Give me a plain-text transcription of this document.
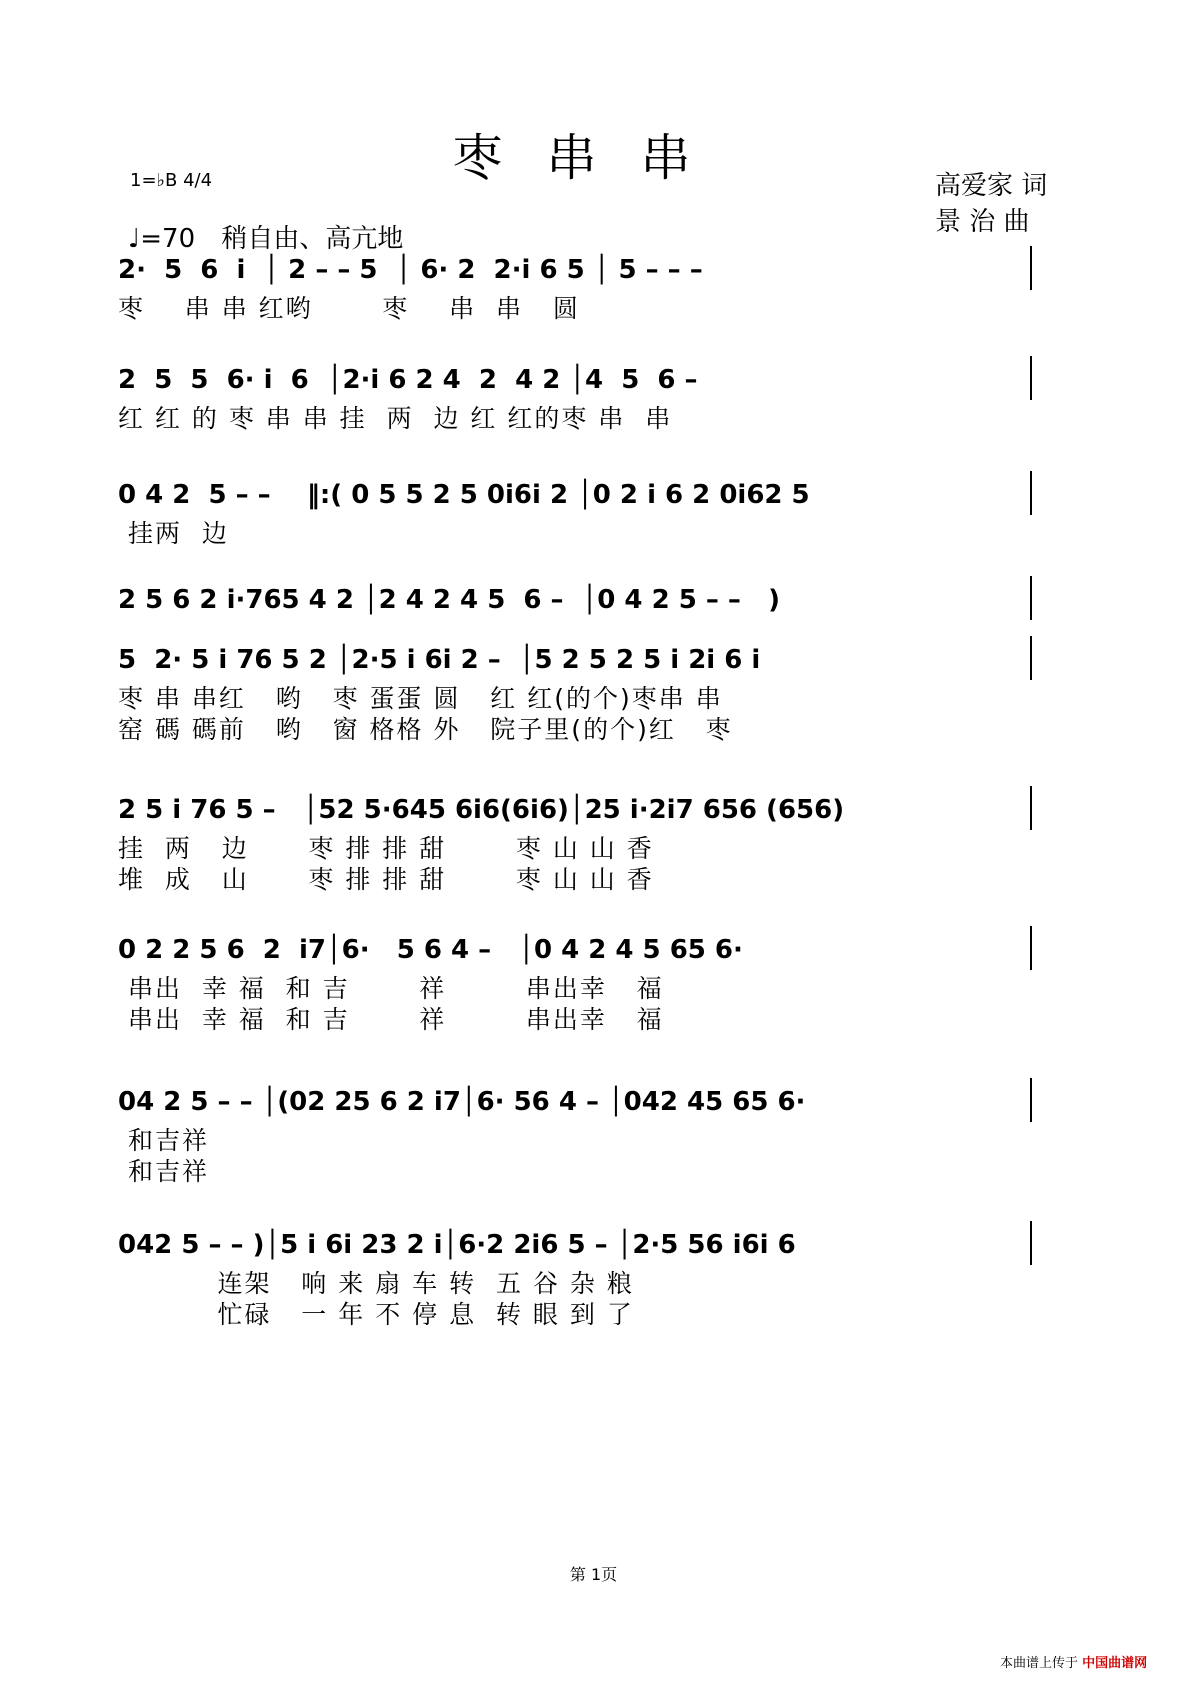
枣串串	高爱家 词
景 治 曲
1=♭B 4/4
♩=70 稍自由、高亢地
2·  5  6  i  │ 2 – – 5  │ 6· 2  2·i 6 5 │ 5 – – –
枣    串 串 红哟       枣    串  串   圆
2  5  5  6· i  6  │2·i 6 2 4  2  4 2 │4  5  6 –
红 红 的 枣 串 串 挂  两  边 红 红的枣 串  串
0 4 2  5 – –    ‖:( 0 5 5 2 5 0i6i 2 │0 2 i 6 2 0i62 5
挂两  边
2 5 6 2 i·765 4 2 │2 4 2 4 5  6 –  │0 4 2 5 – –   )
5  2· 5 i 76 5 2 │2·5 i 6i 2 –  │5 2 5 2 5 i 2i 6 i
枣 串 串红   哟   枣 蛋蛋 圆   红 红(的个)枣串 串
窑 碼 碼前   哟   窗 格格 外   院子里(的个)红   枣
2 5 i 76 5 –   │52 5·645 6i6(6i6)│25 i·2i7 656 (656)
挂  两   边      枣 排 排 甜       枣 山 山 香
堆  成   山      枣 排 排 甜       枣 山 山 香
0 2 2 5 6  2  i7│6·   5 6 4 –   │0 4 2 4 5 65 6·
串出  幸 福  和 吉       祥        串出幸   福
串出  幸 福  和 吉       祥        串出幸   福
04 2 5 – – │(02 25 6 2 i7│6· 56 4 – │042 45 65 6·
和吉祥
和吉祥
042 5 – – )│5 i 6i 23 2 i│6·2 2i6 5 – │2·5 56 i6i 6
连架   响 来 扇 车 转  五 谷 杂 粮
忙碌   一 年 不 停 息  转 眼 到 了
第 1页
本曲谱上传于 中国曲谱网
